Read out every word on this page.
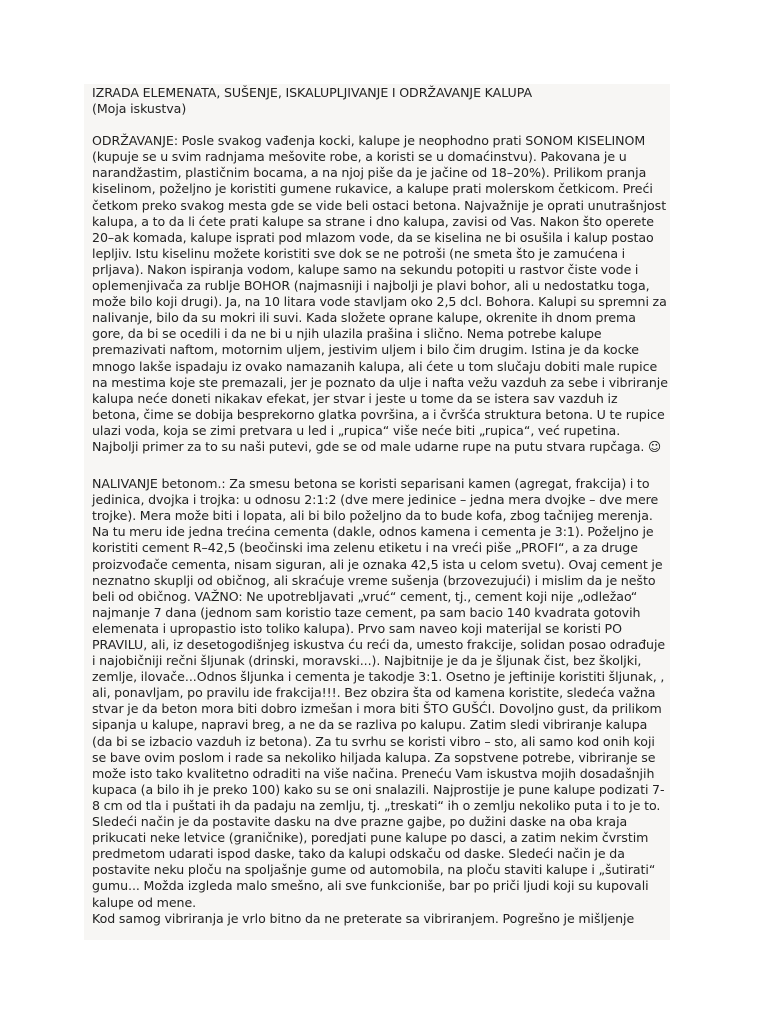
IZRADA ELEMENATA, SUŠENJE, ISKALUPLJIVANJE I ODRŽAVANJE KALUPA

(Moja iskustva)

ODRŽAVANJE: Posle svakog vađenja kocki, kalupe je neophodno prati SONOM KISELINOM (kupuje se u svim radnjama mešovite robe, a koristi se u domaćinstvu). Pakovana je u narandžastim, plastičnim bocama, a na njoj piše da je jačine od 18–20%). Prilikom pranja kiselinom, poželjno je koristiti gumene rukavice, a kalupe prati molerskom četkicom. Preći četkom preko svakog mesta gde se vide beli ostaci betona. Najvažnije je oprati unutrašnjost kalupa, a to da li ćete prati kalupe sa strane i dno kalupa, zavisi od Vas. Nakon što operete 20–ak komada, kalupe isprati pod mlazom vode, da se kiselina ne bi osušila i kalup postao lepljiv. Istu kiselinu možete koristiti sve dok se ne potroši (ne smeta što je zamućena i prljava). Nakon ispiranja vodom, kalupe samo na sekundu potopiti u rastvor čiste vode i oplemenjivača za rublje BOHOR (najmasniji i najbolji je plavi bohor, ali u nedostatku toga, može bilo koji drugi). Ja, na 10 litara vode stavljam oko 2,5 dcl. Bohora. Kalupi su spremni za nalivanje, bilo da su mokri ili suvi. Kada složete oprane kalupe, okrenite ih dnom prema gore, da bi se ocedili i da ne bi u njih ulazila prašina i slično. Nema potrebe kalupe premazivati naftom, motornim uljem, jestivim uljem i bilo čim drugim. Istina je da kocke mnogo lakše ispadaju iz ovako namazanih kalupa, ali ćete u tom slučaju dobiti male rupice na mestima koje ste premazali, jer je poznato da ulje i nafta vežu vazduh za sebe i vibriranje kalupa neće doneti nikakav efekat, jer stvar i jeste u tome da se istera sav vazduh iz betona, čime se dobija besprekorno glatka površina, a i čvršća struktura betona. U te rupice ulazi voda, koja se zimi pretvara u led i „rupica“ više neće biti „rupica“, već rupetina. Najbolji primer za to su naši putevi, gde se od male udarne rupe na putu stvara rupčaga. ☺

NALIVANJE betonom.: Za smesu betona se koristi separisani kamen (agregat, frakcija) i to jedinica, dvojka i trojka: u odnosu 2:1:2 (dve mere jedinice – jedna mera dvojke – dve mere trojke). Mera može biti i lopata, ali bi bilo poželjno da to bude kofa, zbog tačnijeg merenja. Na tu meru ide jedna trećina cementa (dakle, odnos kamena i cementa je 3:1). Poželjno je koristiti cement R–42,5 (beočinski ima zelenu etiketu i na vreći piše „PROFI“, a za druge proizvođače cementa, nisam siguran, ali je oznaka 42,5 ista u celom svetu). Ovaj cement je neznatno skuplji od običnog, ali skraćuje vreme sušenja (brzovezujući) i mislim da je nešto beli od običnog. VAŽNO: Ne upotrebljavati „vruć“ cement, tj., cement koji nije „odležao“ najmanje 7 dana (jednom sam koristio taze cement, pa sam bacio 140 kvadrata gotovih elemenata i upropastio isto toliko kalupa). Prvo sam naveo koji materijal se koristi PO PRAVILU, ali, iz desetogodišnjeg iskustva ću reći da, umesto frakcije, solidan posao odrađuje i najobičniji rečni šljunak (drinski, moravski...). Najbitnije je da je šljunak čist, bez školjki, zemlje, ilovače...Odnos šljunka i cementa je takodje 3:1. Osetno je jeftinije koristiti šljunak, , ali, ponavljam, po pravilu ide frakcija!!!. Bez obzira šta od kamena koristite, sledeća važna stvar je da beton mora biti dobro izmešan i mora biti ŠTO GUŠĆI. Dovoljno gust, da prilikom sipanja u kalupe, napravi breg, a ne da se razliva po kalupu. Zatim sledi vibriranje kalupa (da bi se izbacio vazduh iz betona). Za tu svrhu se koristi vibro – sto, ali samo kod onih koji se bave ovim poslom i rade sa nekoliko hiljada kalupa. Za sopstvene potrebe, vibriranje se može isto tako kvalitetno odraditi na više načina. Preneću Vam iskustva mojih dosadašnjih kupaca (a bilo ih je preko 100) kako su se oni snalazili. Najprostije je pune kalupe podizati 7-8 cm od tla i puštati ih da padaju na zemlju, tj. „treskati“ ih o zemlju nekoliko puta i to je to. Sledeći način je da postavite dasku na dve prazne gajbe, po dužini daske na oba kraja prikucati neke letvice (graničnike), poredjati pune kalupe po dasci, a zatim nekim čvrstim predmetom udarati ispod daske, tako da kalupi odskaču od daske. Sledeći način je da postavite neku ploču na spoljašnje gume od automobila, na ploču staviti kalupe i „šutirati“ gumu... Možda izgleda malo smešno, ali sve funkcioniše, bar po priči ljudi koji su kupovali kalupe od mene.

Kod samog vibriranja je vrlo bitno da ne preterate sa vibriranjem. Pogrešno je mišljenje
